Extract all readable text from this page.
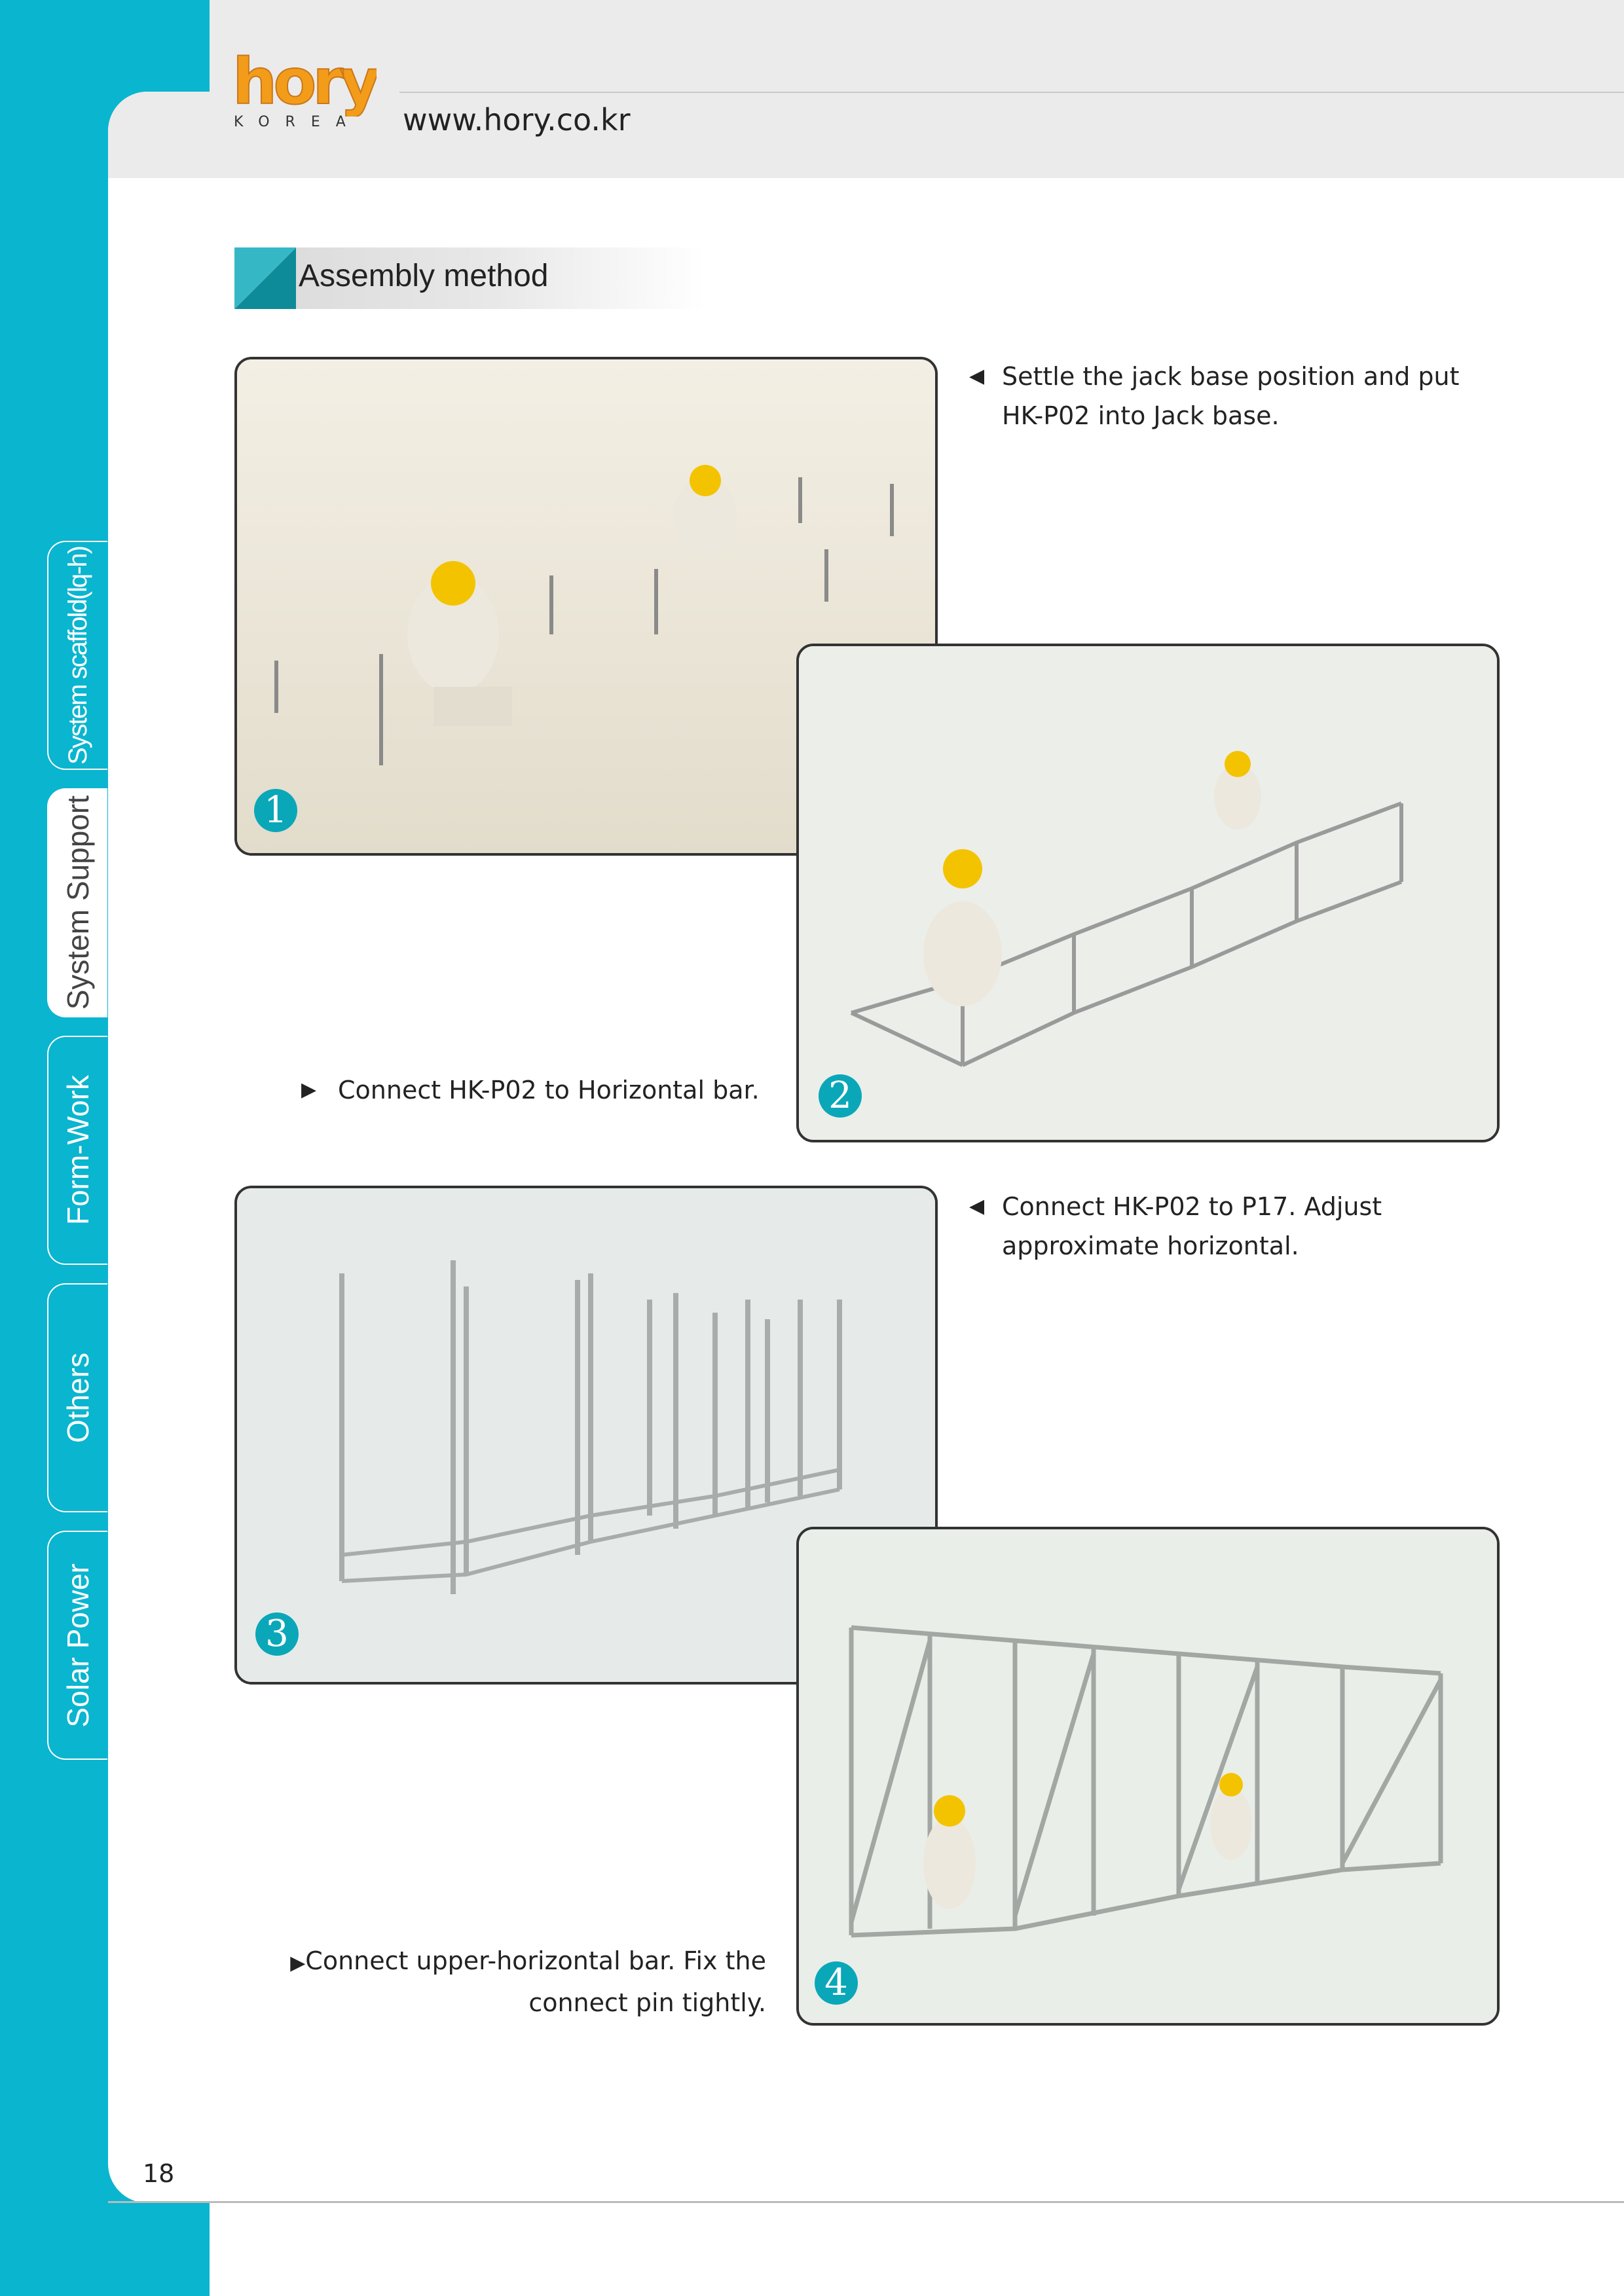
hory
KOREA	www.hory.co.kr
System scaffold(lq-h)
System Support
Form-Work
Others
Solar Power
Assembly method
1
2
3
4
◀ Settle the jack base position and put
HK-P02 into Jack base.
▶ Connect HK-P02 to Horizontal bar.
◀ Connect HK-P02 to P17. Adjust
approximate horizontal.
▶Connect upper-horizontal bar. Fix the
connect pin tightly.
18
